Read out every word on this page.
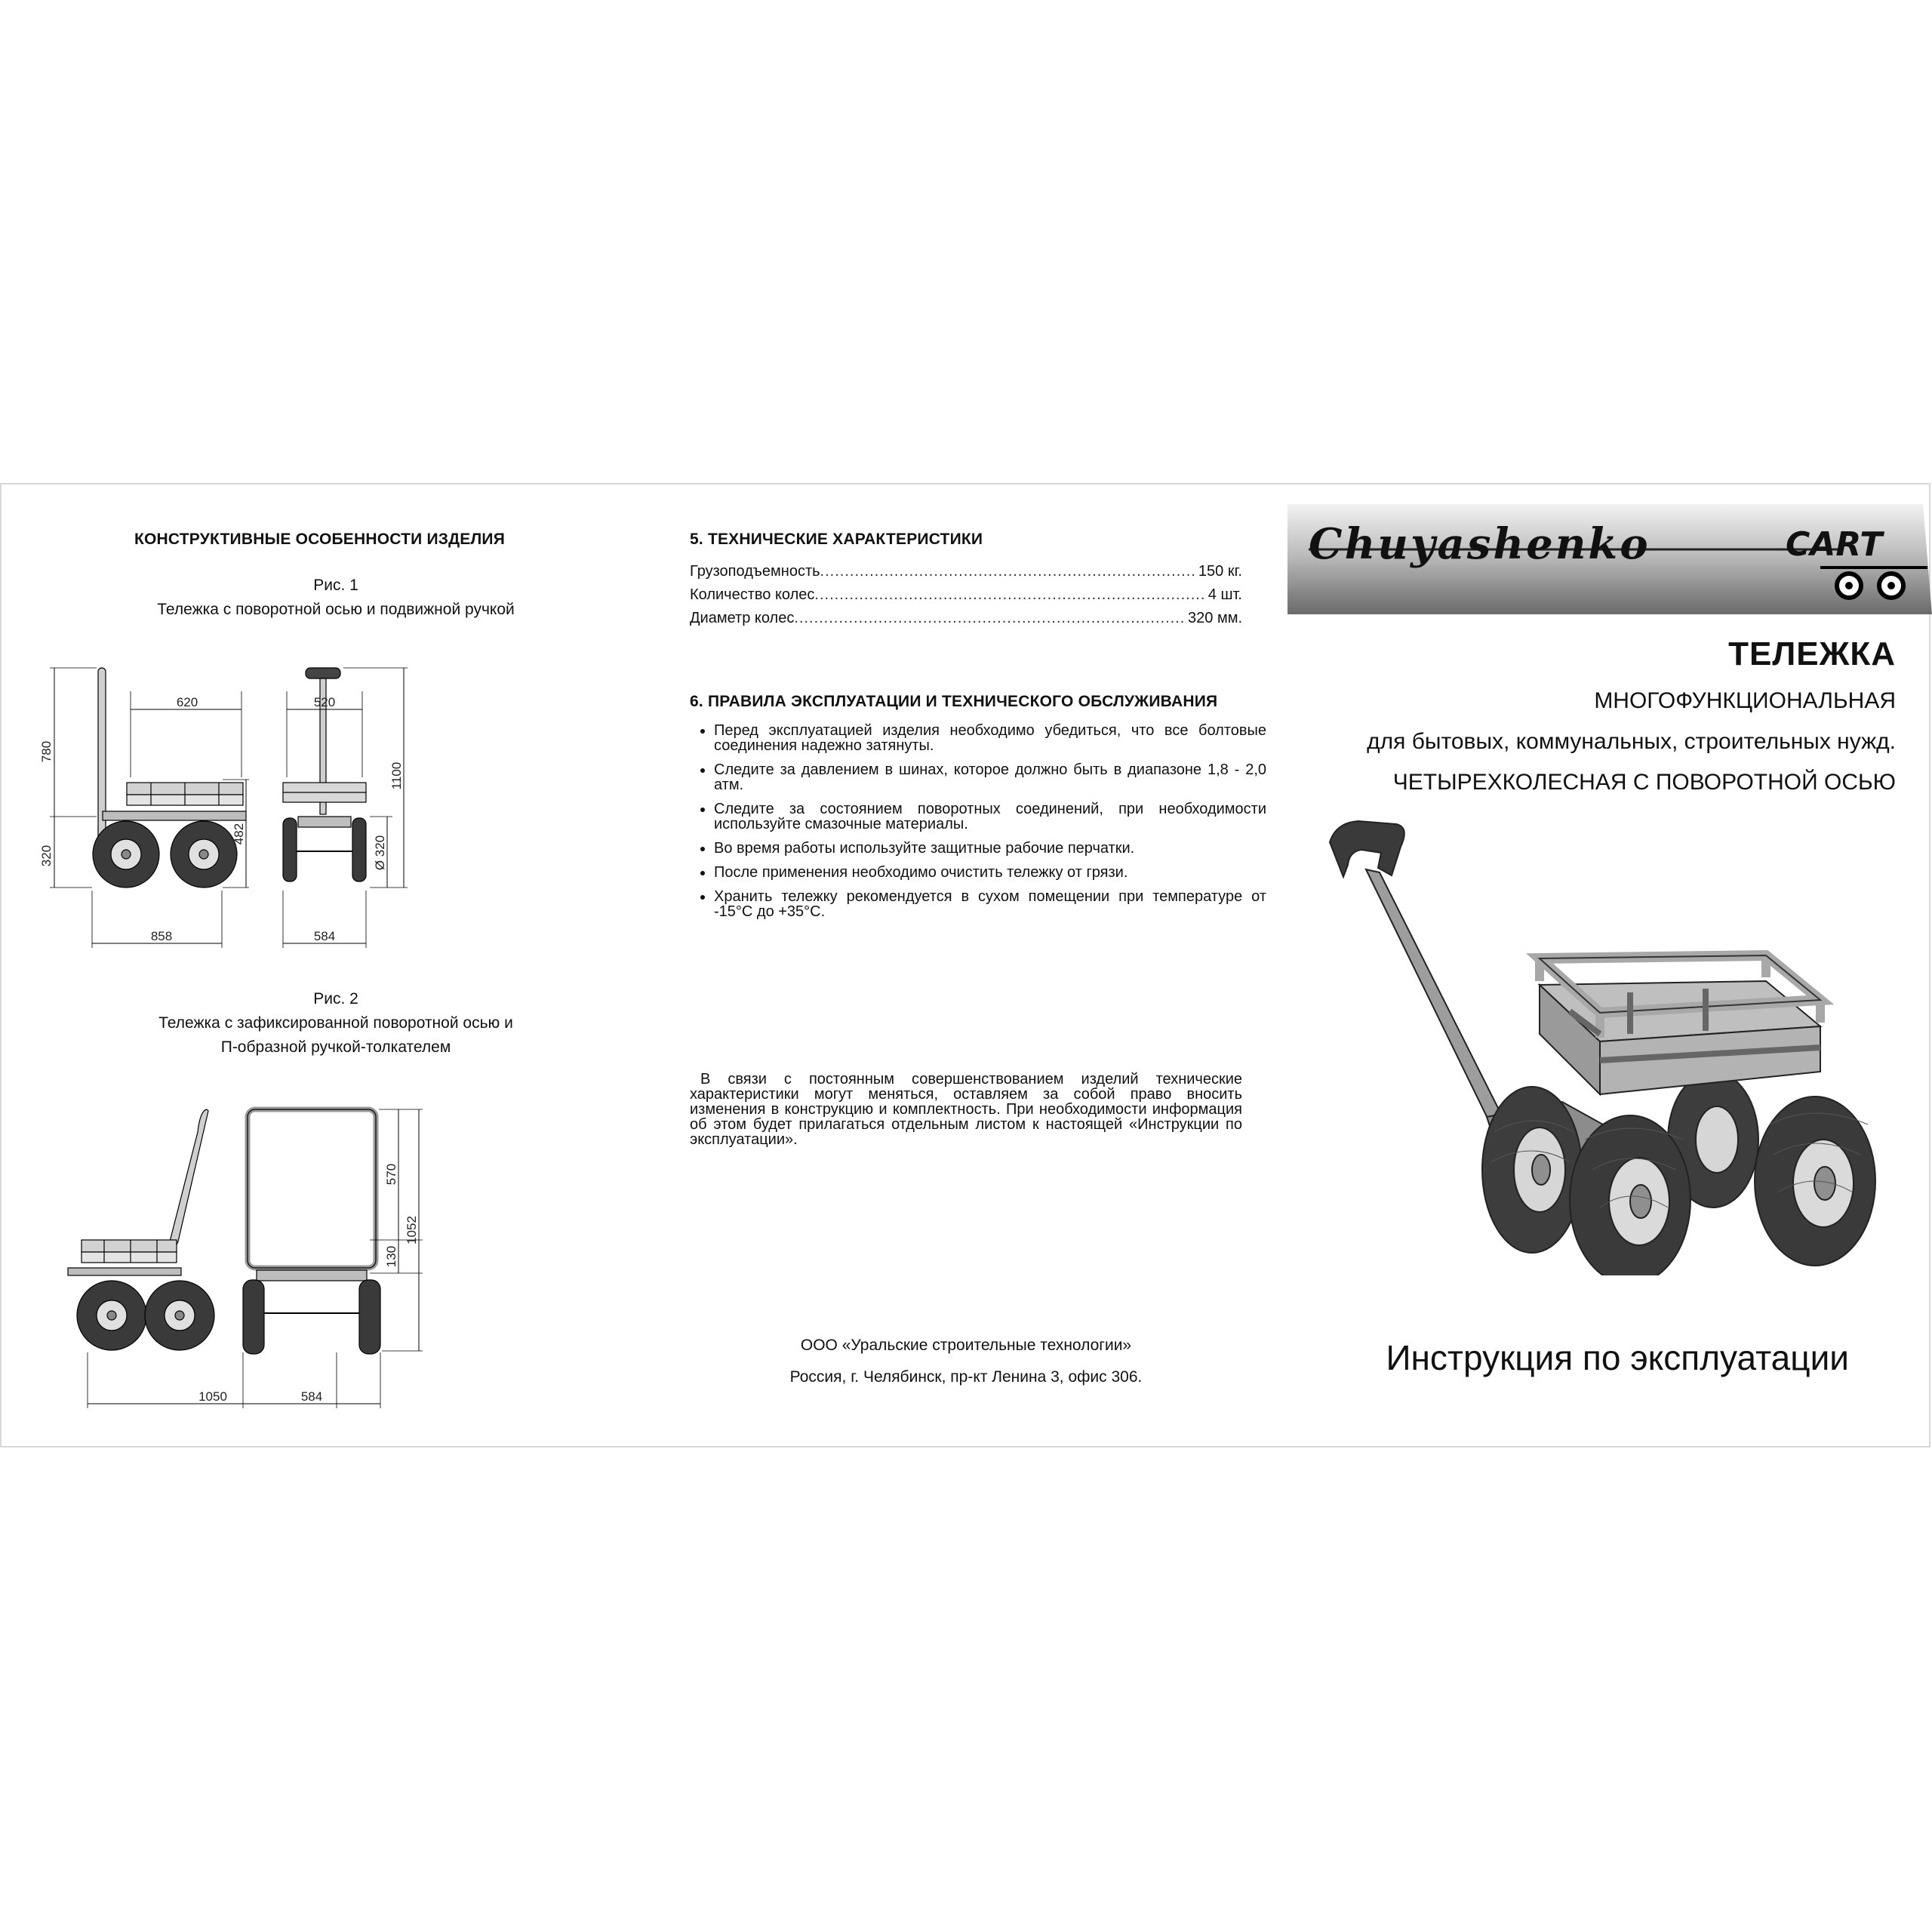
КОНСТРУКТИВНЫЕ ОСОБЕННОСТИ ИЗДЕЛИЯ
Рис. 1
Тележка с поворотной осью и подвижной ручкой
780
320
620
858
482
520
1100
Ø 320
584
Рис. 2
Тележка с зафиксированной поворотной осью и
П-образной ручкой-толкателем
1050
570
1052
130
584
5. ТЕХНИЧЕСКИЕ ХАРАКТЕРИСТИКИ
Грузоподъемность .....	150 кг.
Количество колес .....	4 шт.
Диаметр колес .....	320 мм.
6. ПРАВИЛА ЭКСПЛУАТАЦИИ И ТЕХНИЧЕСКОГО ОБСЛУЖИВАНИЯ
• Перед эксплуатацией изделия необходимо убедиться, что все болтовые соединения надежно затянуты.
• Следите за давлением в шинах, которое должно быть в диапазоне 1,8 - 2,0 атм.
• Следите за состоянием поворотных соединений, при необходимости используйте смазочные материалы.
• Во время работы используйте защитные рабочие перчатки.
• После применения необходимо очистить тележку от грязи.
• Хранить тележку рекомендуется в сухом помещении при температуре от -15°С до +35°С.
В связи с постоянным совершенствованием изделий технические характеристики могут меняться, оставляем за собой право вносить изменения в конструкцию и комплектность. При необходимости информация об этом будет прилагаться отдельным листом к настоящей «Инструкции по эксплуатации».
ООО «Уральские строительные технологии»
Россия, г. Челябинск, пр-кт Ленина 3, офис 306.
Chuyashenko	CART
ТЕЛЕЖКА
МНОГОФУНКЦИОНАЛЬНАЯ
для бытовых, коммунальных, строительных нужд.
ЧЕТЫРЕХКОЛЕСНАЯ С ПОВОРОТНОЙ ОСЬЮ
Инструкция по эксплуатации
